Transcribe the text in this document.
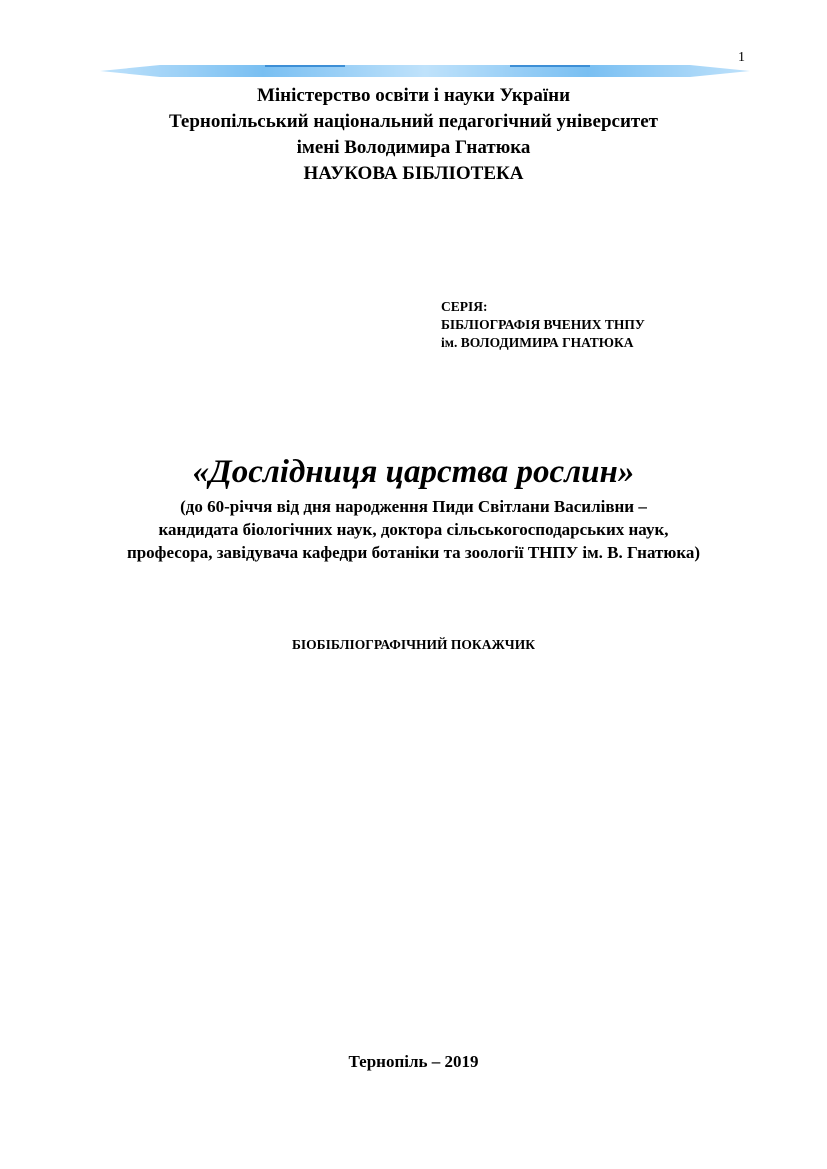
1
Міністерство освіти і науки України
Тернопільський національний педагогічний університет
імені Володимира Гнатюка
НАУКОВА БІБЛІОТЕКА
СЕРІЯ:
БІБЛІОГРАФІЯ ВЧЕНИХ ТНПУ
ім. ВОЛОДИМИРА ГНАТЮКА
«Дослідниця царства рослин»
(до 60-річчя від дня народження Пиди Світлани Василівни –
кандидата біологічних наук, доктора сільськогосподарських наук,
професора, завідувача кафедри ботаніки та зоології ТНПУ ім. В. Гнатюка)
БІОБІБЛІОГРАФІЧНИЙ ПОКАЖЧИК
Тернопіль – 2019
